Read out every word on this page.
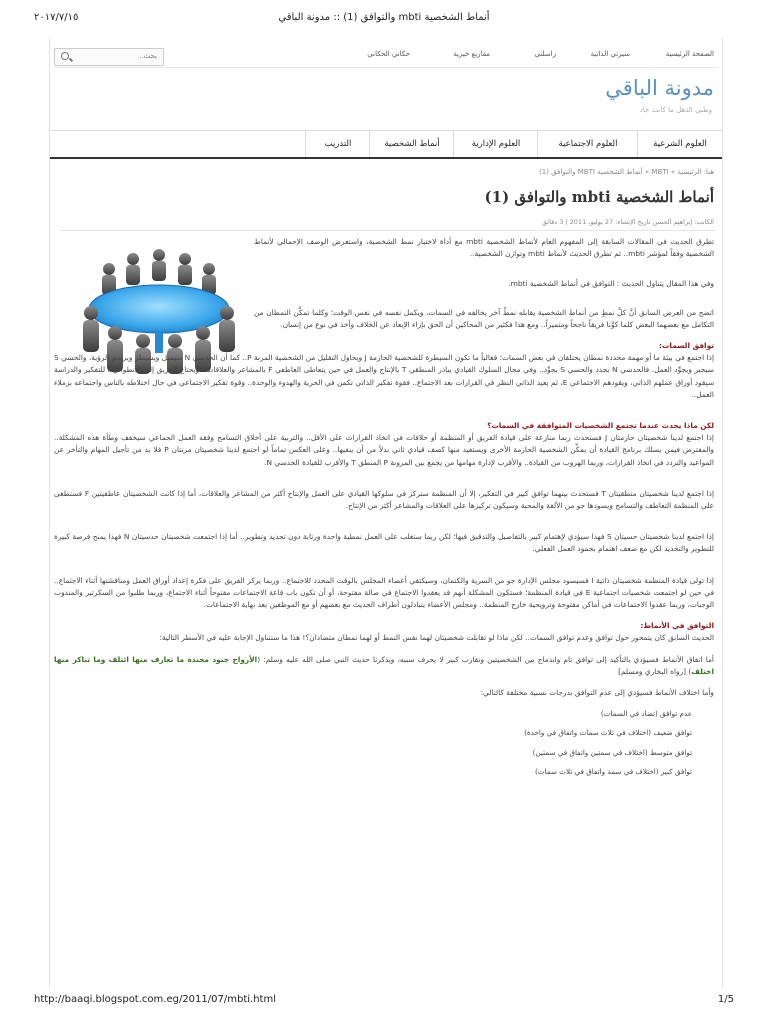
٢٠١٧/٧/١٥	والتوافق (1) :: مدونة الباقي mbti أنماط الشخصية
الصفحة الرئيسية
سيرتي الذاتية
راسلني
مقاربع خيرية
حكاني الحكاني
بحث...
مدونة الباقي
وطني الذهل ما كانت جاد
العلوم الشرعية
العلوم الاجتماعية
العلوم الإدارية
أنماط الشخصية
التدريب
هنا: الرئيسية » MBTI » أنماط الشخصية MBTI والتوافق (1)
أنماط الشخصية mbti والتوافق (1)
الكاتب: إبراهيم الحسن تاريخ الإنشاء: 27 يوليو، 2011 | 3 دقائق

تطرق الحديث في المقالات السابقة إلى المفهوم العام لأنماط الشخصية mbti مع أداة لاختبار نمط الشخصية، واستعرض الوصف الإجمالي لأنماط الشخصية وفقاً لمؤشر mbti.. ثم تطرق الحديث لأنماط mbti وتوازن الشخصية..

وفي هذا المقال يتناول الحديث : التوافق في أنماط الشخصية mbti.

اتضح من العرض السابق أنَّ كلَّ نمطٍ من أنماط الشخصية يقابله نمطٌ آخر يخالفه في السمات، ويكمل نفسه في نفس الوقت؛ وكلما تمكَّن النمطان من التكامل مع بعضهما البعض كلما كوَّنا فريقاً ناجحاً ومتميزاً.. ومع هذا فكثير من المحاكين أن الحق بإزاء الإبعاد عن الخلاف وأخذ في نوع من إنسان.

توافق السمات:

إذا اجتمع في بيئة ما أو مهمة محددة نمطان يختلفان في بعض السمات؛ فغالباً ما تكون السيطرة للشخصية الحازمة J ويحاول التقليل من الشخصية المرنة P.. كما أن الحدسي N سيميل ويسيطر ويرسم الرؤية، والحسي S سيجبر ويجوِّد العمل. فالحدسي N يجدد والحسي S يجوِّد.. وفي مجال السلوك القيادي يبادر المنطقي T بالإنتاج والعمل في حين يتعاطى العاطفي F بالمشاعر والعلاقات.. ويحتاج الفريق إلى الانطوائي I للتفكير والدراسة سيقود أوراق عملهم الذاتي، ويقودهم الاجتماعي E، ثم يعيد الذاتي النظر في القرارات بعد الاجتماع.. فقوة تفكير الذاتي تكمن في الحرية والهدوء والوحدة.. وقوة تفكير الاجتماعي في حال اختلاطه بالناس واجتماعه بزملاء العمل..

لكن ماذا يحدث عندما تجتمع الشخصيات المتوافقة في السمات؟

إذا اجتمع لدينا شخصيتان حازمتان J فستحدث ربما منازعة على قيادة الفريق أو المنظمة أو خلافات في اتخاذ القرارات على الأقل.. والتربية على أخلاق التسامح وفقه العمل الجماعي سيخفف وطأة هذه المشكلة.. والمفترض فيمن يسلك برنامج القيادة أن يمكِّن الشخصية الحازمة الأخرى ويستفيد منها كصف قيادي ثاني بدلاً من أن ينفيها.. وعلى العكس تماماً لو اجتمع لدينا شخصيتان مرنتان P فلا بد من تأجيل المهام والتأخر عن المواعيد والتردد في اتخاذ القرارات، وربما الهروب من القيادة.. والأقرب لإدارة مهامها من يجمع بين المرونة P المنطق T والأقرب للقيادة الحدسي N.

إذا اجتمع لدينا شخصيتان منطقيتان T فستحدث بينهما توافق كبير في التفكير، إلا أن المنظمة ستركز في سلوكها القيادي على العمل والإنتاج أكثر من المشاعر والعلاقات، أما إذا كانت الشخصيتان عاطفيتين F فستطغى على المنظمة التعاطف والتسامح ويسودها جو من الألفة والمحبة وسيكون تركيزها على العلاقات والمشاعر أكثر من الإنتاج.

إذا اجتمع لدينا شخصيتان حسيتان S فهذا سيؤدي لإهتمام كبير بالتفاصيل والتدقيق فيها؛ لكن ربما ستغلب على العمل نمطية واحدة ورتابة دون تجديد وتطوير.. أما إذا اجتمعت شخصيتان حدسيتان N فهذا يمنح فرصة كبيرة للتطوير والتجديد لكن مع ضعف اهتمام بجمود العمل الفعلي.

إذا تولى قيادة المنظمة شخصيتان ذاتية I فسيسود مجلس الإدارة جو من السرية والكتمان، وسيكتفي أعضاء المجلس بالوقت المحدد للاجتماع.. وربما يركز الفريق على فكرة إعداد أوراق العمل ومناقشتها أثناء الاجتماع.. في حين لو اجتمعت شخصيات اجتماعية E في قيادة المنظمة؛ فستكون المشكلة أنهم قد يعقدوا الاجتماع في صالة مفتوحة، أو أن تكون باب قاعة الاجتماعات مفتوحاً أثناء الاجتماع، وربما طلبوا من السكرتير والمندوب الوجبات، وربما عقدوا الاجتماعات في أماكن مفتوحة وترويحية خارج المنظمة.. ومجلس الأعضاء يتبادلون أطراف الحديث مع بعضهم أو مع الموظفين بعد نهاية الاجتماعات.

التوافق في الأنماط:

الحديث السابق كان يتمحور حول توافق وعدم توافق السمات.. لكن ماذا لو تقابلت شخصيتان لهما نفس النمط أو لهما نمطان متضادان؟! هذا ما سنتناول الإجابة عليه في الأسطر التالية:

أما اتفاق الأنماط فسيؤدي بالتأكيد إلى توافق تام واندماج بين الشخصيتين وتقارب كبير لا يحرف سببه، ويذكرنا حديث النبي صلى الله عليه وسلم: (الأرواح جنود مجندة ما تعارف منها ائتلف وما تناكر منها اختلف) [رواه البخاري ومسلم]

وأما اختلاف الأنماط فسيؤدي إلى عدم التوافق بدرجات نسبية مختلفة كالتالي:

عدم توافق (تضاد في السمات)
توافق ضعيف (اختلاف في ثلاث سمات واتفاق في واحدة)
توافق متوسط (اختلاف في سمتين واتفاق في سمتين)
توافق كبير (اختلاف في سمة واتفاق في ثلاث سمات)
http://baaqi.blogspot.com.eg/2011/07/mbti.html	1/5
